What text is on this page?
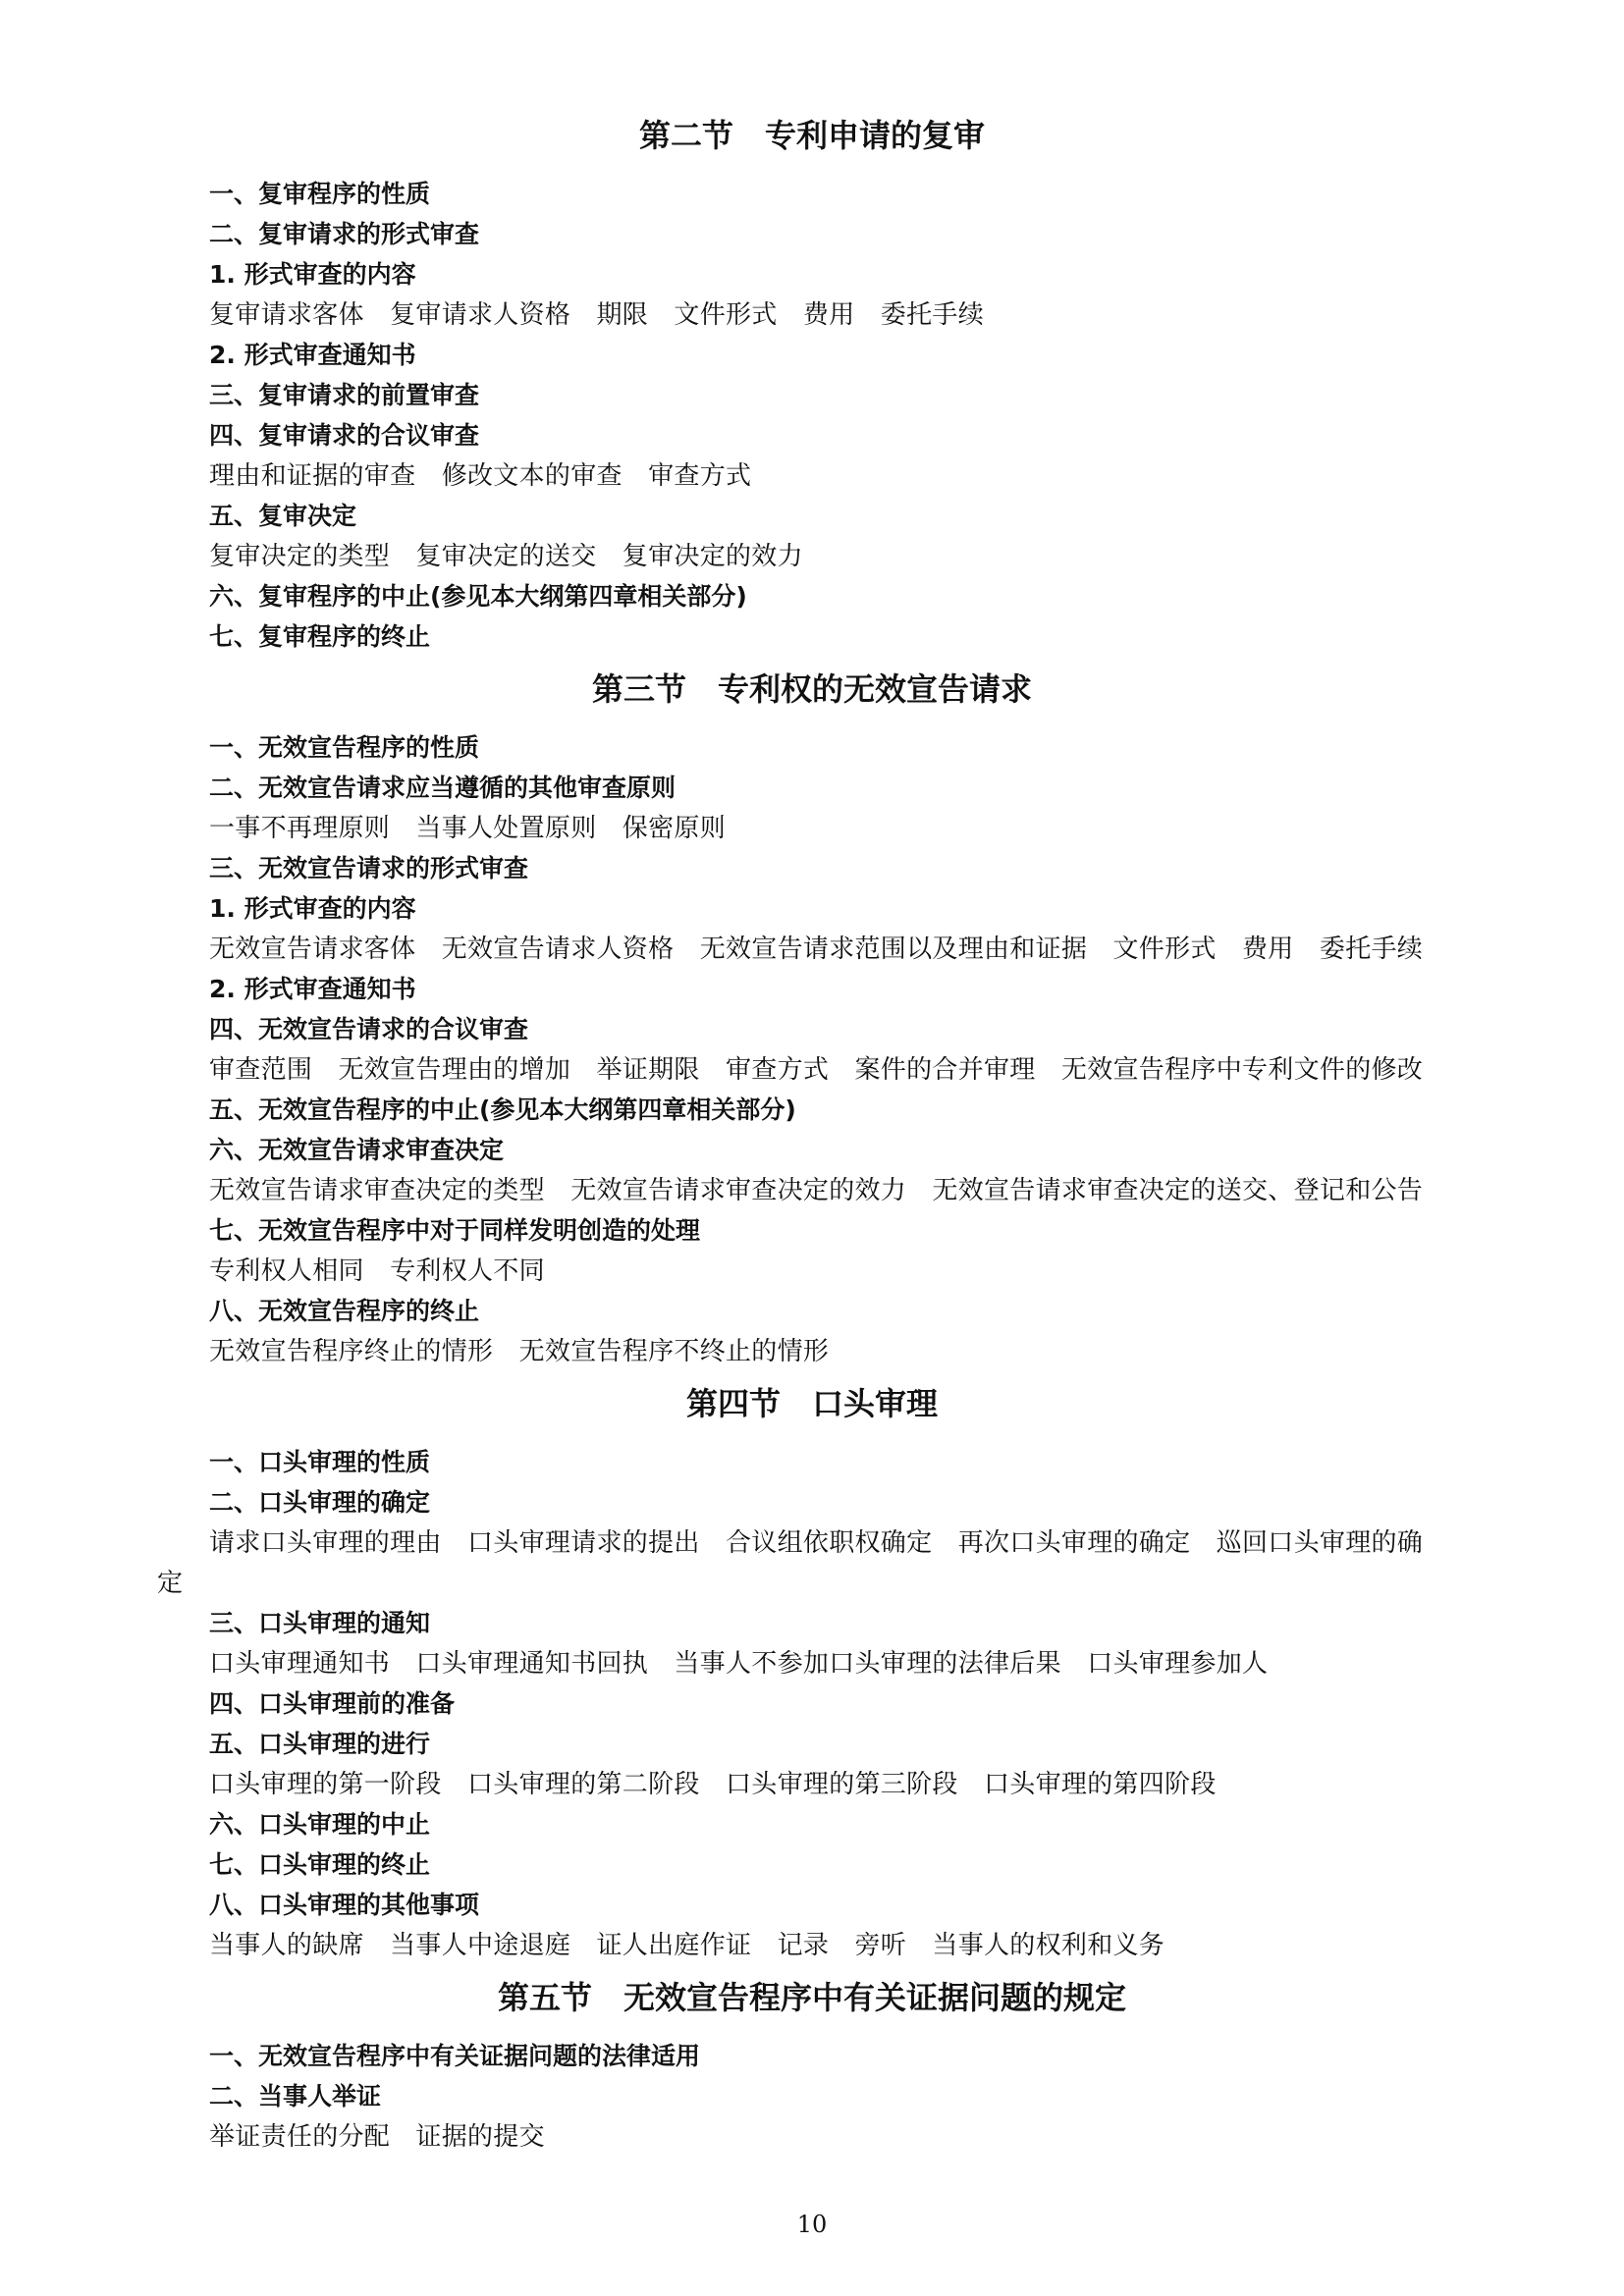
第二节　专利申请的复审
一、复审程序的性质
二、复审请求的形式审查
1. 形式审查的内容
复审请求客体　复审请求人资格　期限　文件形式　费用　委托手续
2. 形式审查通知书
三、复审请求的前置审查
四、复审请求的合议审查
理由和证据的审查　修改文本的审查　审查方式
五、复审决定
复审决定的类型　复审决定的送交　复审决定的效力
六、复审程序的中止(参见本大纲第四章相关部分)
七、复审程序的终止
第三节　专利权的无效宣告请求
一、无效宣告程序的性质
二、无效宣告请求应当遵循的其他审查原则
一事不再理原则　当事人处置原则　保密原则
三、无效宣告请求的形式审查
1. 形式审查的内容
无效宣告请求客体　无效宣告请求人资格　无效宣告请求范围以及理由和证据　文件形式　费用　委托手续
2. 形式审查通知书
四、无效宣告请求的合议审查
审查范围　无效宣告理由的增加　举证期限　审查方式　案件的合并审理　无效宣告程序中专利文件的修改
五、无效宣告程序的中止(参见本大纲第四章相关部分)
六、无效宣告请求审查决定
无效宣告请求审查决定的类型　无效宣告请求审查决定的效力　无效宣告请求审查决定的送交、登记和公告
七、无效宣告程序中对于同样发明创造的处理
专利权人相同　专利权人不同
八、无效宣告程序的终止
无效宣告程序终止的情形　无效宣告程序不终止的情形
第四节　口头审理
一、口头审理的性质
二、口头审理的确定
请求口头审理的理由　口头审理请求的提出　合议组依职权确定　再次口头审理的确定　巡回口头审理的确
定
三、口头审理的通知
口头审理通知书　口头审理通知书回执　当事人不参加口头审理的法律后果　口头审理参加人
四、口头审理前的准备
五、口头审理的进行
口头审理的第一阶段　口头审理的第二阶段　口头审理的第三阶段　口头审理的第四阶段
六、口头审理的中止
七、口头审理的终止
八、口头审理的其他事项
当事人的缺席　当事人中途退庭　证人出庭作证　记录　旁听　当事人的权利和义务
第五节　无效宣告程序中有关证据问题的规定
一、无效宣告程序中有关证据问题的法律适用
二、当事人举证
举证责任的分配　证据的提交
10
